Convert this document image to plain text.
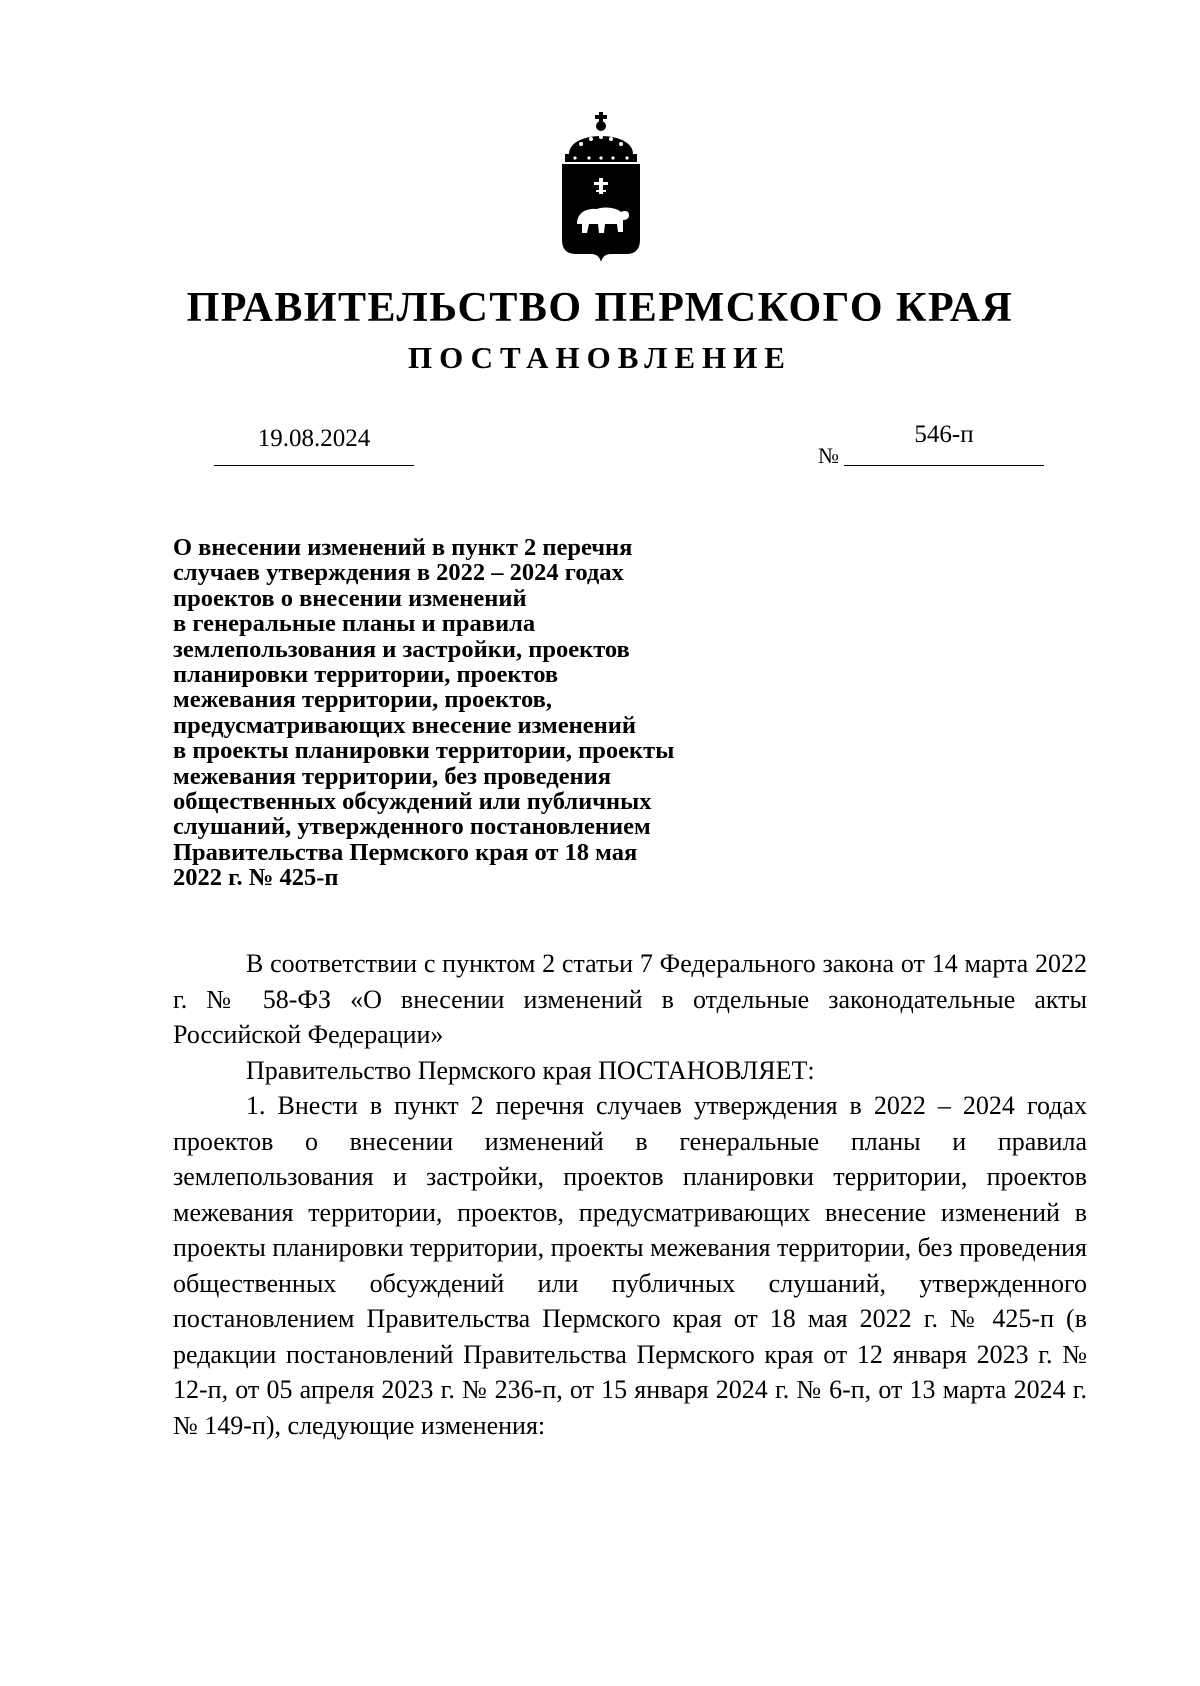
ПРАВИТЕЛЬСТВО ПЕРМСКОГО КРАЯ
ПОСТАНОВЛЕНИЕ
19.08.2024
№
546-п
О внесении изменений в пункт 2 перечня
случаев утверждения в 2022 – 2024 годах
проектов о внесении изменений
в генеральные планы и правила
землепользования и застройки, проектов
планировки территории, проектов
межевания территории, проектов,
предусматривающих внесение изменений
в проекты планировки территории, проекты
межевания территории, без проведения
общественных обсуждений или публичных
слушаний, утвержденного постановлением
Правительства Пермского края от 18 мая
2022 г. № 425-п

В соответствии с пунктом 2 статьи 7 Федерального закона от 14 марта 2022 г. № 58-ФЗ «О внесении изменений в отдельные законодательные акты Российской Федерации»

Правительство Пермского края ПОСТАНОВЛЯЕТ:

1. Внести в пункт 2 перечня случаев утверждения в 2022 – 2024 годах проектов о внесении изменений в генеральные планы и правила землепользования и застройки, проектов планировки территории, проектов межевания территории, проектов, предусматривающих внесение изменений в проекты планировки территории, проекты межевания территории, без проведения общественных обсуждений или публичных слушаний, утвержденного постановлением Правительства Пермского края от 18 мая 2022 г. № 425-п (в редакции постановлений Правительства Пермского края от 12 января 2023 г. № 12-п, от 05 апреля 2023 г. № 236-п, от 15 января 2024 г. № 6-п, от 13 марта 2024 г. № 149-п), следующие изменения:
